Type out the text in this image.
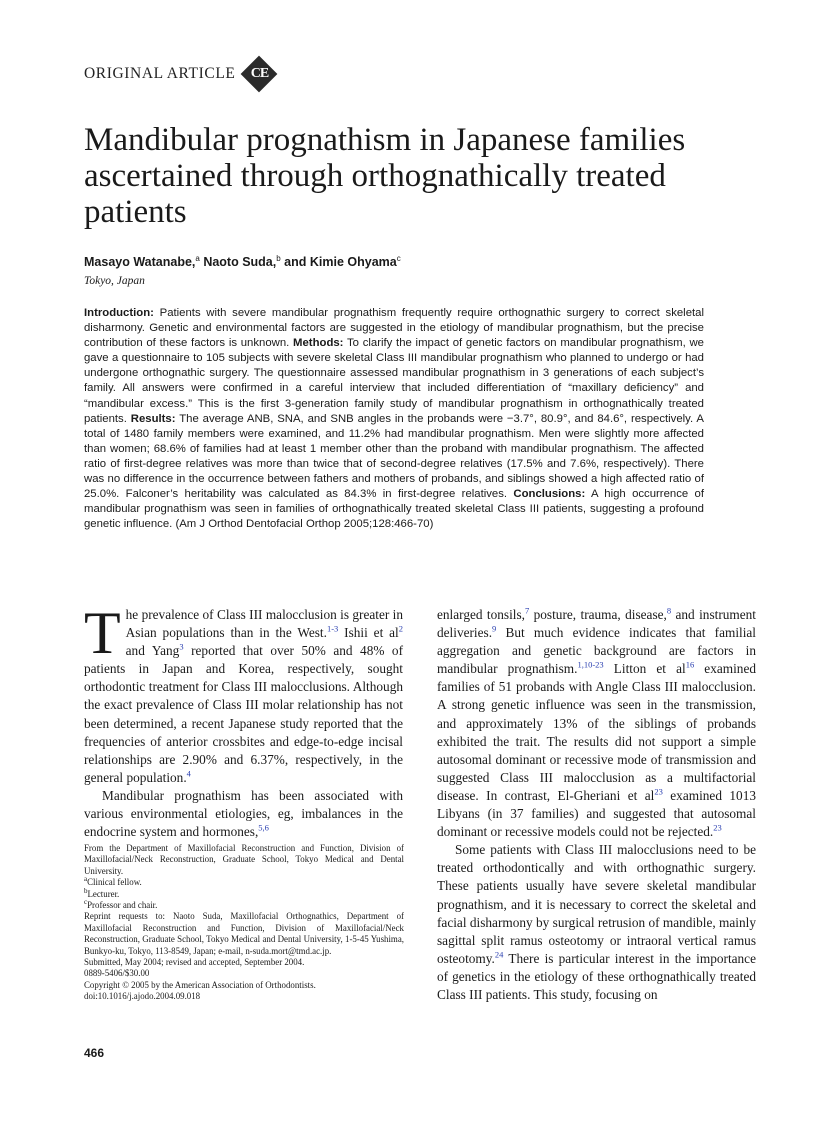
ORIGINAL ARTICLE	CE
Mandibular prognathism in Japanese families ascertained through orthognathically treated patients
Masayo Watanabe,$^a$ Naoto Suda,$^b$ and Kimie Ohyama$^c$
Tokyo, Japan

Introduction: Patients with severe mandibular prognathism frequently require orthognathic surgery to correct skeletal disharmony. Genetic and environmental factors are suggested in the etiology of mandibular prognathism, but the precise contribution of these factors is unknown. Methods: To clarify the impact of genetic factors on mandibular prognathism, we gave a questionnaire to 105 subjects with severe skeletal Class III mandibular prognathism who planned to undergo or had undergone orthognathic surgery. The questionnaire assessed mandibular prognathism in 3 generations of each subject’s family. All answers were confirmed in a careful interview that included differentiation of “maxillary deficiency” and “mandibular excess.” This is the first 3-generation family study of mandibular prognathism in orthognathically treated patients. Results: The average ANB, SNA, and SNB angles in the probands were −3.7°, 80.9°, and 84.6°, respectively. A total of 1480 family members were examined, and 11.2% had mandibular prognathism. Men were slightly more affected than women; 68.6% of families had at least 1 member other than the proband with mandibular prognathism. The affected ratio of first-degree relatives was more than twice that of second-degree relatives (17.5% and 7.6%, respectively). There was no difference in the occurrence between fathers and mothers of probands, and siblings showed a high affected ratio of 25.0%. Falconer’s heritability was calculated as 84.3% in first-degree relatives. Conclusions: A high occurrence of mandibular prognathism was seen in families of orthognathically treated skeletal Class III patients, suggesting a profound genetic influence. (Am J Orthod Dentofacial Orthop 2005;128:466-70)

T he prevalence of Class III malocclusion is greater in Asian populations than in the West.$^{1-3}$ Ishii et $al^2$ and Yang$^3$ reported that over 50% and 48% of patients in Japan and Korea, respectively, sought orthodontic treatment for Class III malocclusions. Although the exact prevalence of Class III molar relationship has not been determined, a recent Japanese study reported that the frequencies of anterior crossbites and edge-to-edge incisal relationships are 2.90% and 6.37%, respectively, in the general population.$^4$

Mandibular prognathism has been associated with various environmental etiologies, eg, imbalances in the endocrine system and hormones,$^{5,6}$

From the Department of Maxillofacial Reconstruction and Function, Division of Maxillofacial/Neck Reconstruction, Graduate School, Tokyo Medical and Dental University.
$^a$Clinical fellow.
$^b$Lecturer.
$^c$Professor and chair.
Reprint requests to: Naoto Suda, Maxillofacial Orthognathics, Department of Maxillofacial Reconstruction and Function, Division of Maxillofacial/Neck Reconstruction, Graduate School, Tokyo Medical and Dental University, 1-5-45 Yushima, Bunkyo-ku, Tokyo, 113-8549, Japan; e-mail, n-suda.mort@tmd.ac.jp.
Submitted, May 2004; revised and accepted, September 2004.
0889-5406/$30.00
Copyright © 2005 by the American Association of Orthodontists.
doi:10.1016/j.ajodo.2004.09.018

enlarged tonsils,$^7$ posture, trauma, disease,$^8$ and instrument deliveries.$^9$ But much evidence indicates that familial aggregation and genetic background are factors in mandibular prognathism.$^{1,10-23}$ Litton et $al^{16}$ examined families of 51 probands with Angle Class III malocclusion. A strong genetic influence was seen in the transmission, and approximately 13% of the siblings of probands exhibited the trait. The results did not support a simple autosomal dominant or recessive mode of transmission and suggested Class III malocclusion as a multifactorial disease. In contrast, El-Gheriani et $al^{23}$ examined 1013 Libyans (in 37 families) and suggested that autosomal dominant or recessive models could not be rejected.$^{23}$

Some patients with Class III malocclusions need to be treated orthodontically and with orthognathic surgery. These patients usually have severe skeletal mandibular prognathism, and it is necessary to correct the skeletal and facial disharmony by surgical retrusion of mandible, mainly sagittal split ramus osteotomy or intraoral vertical ramus osteotomy.$^{24}$ There is particular interest in the importance of genetics in the etiology of these orthognathically treated Class III patients. This study, focusing on

466
